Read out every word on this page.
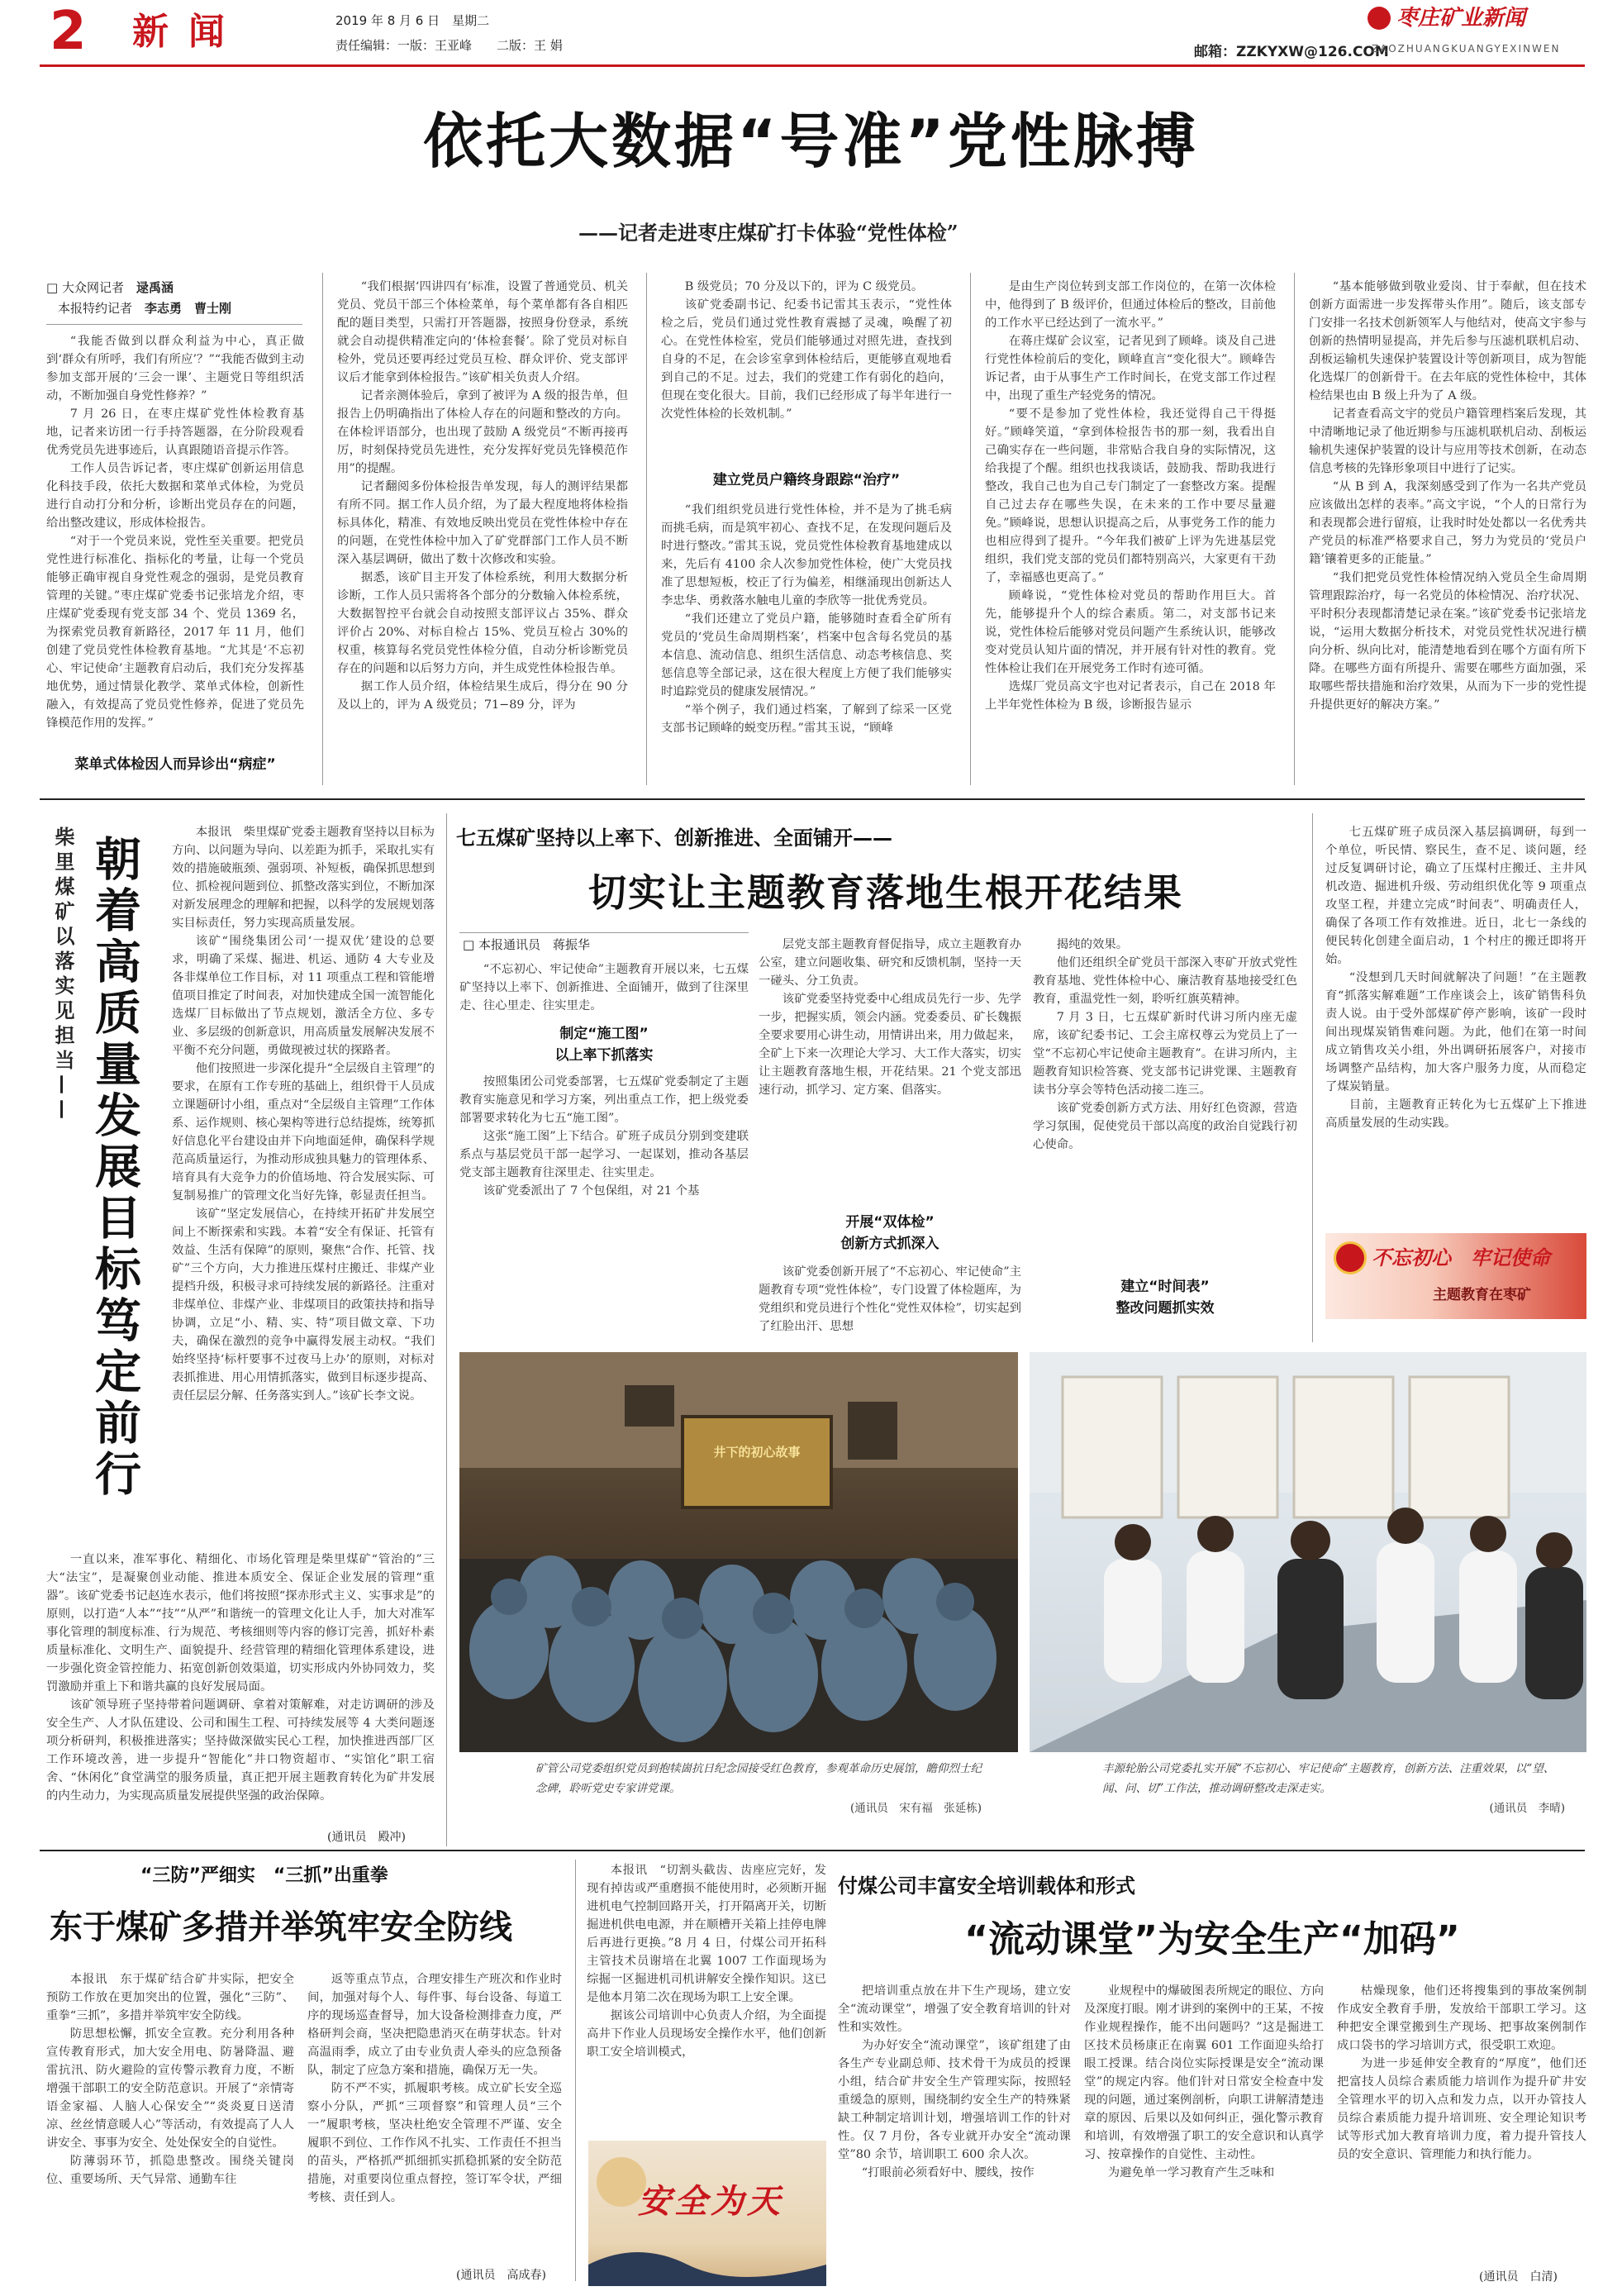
2 新闻	2019 年 8 月 6 日　星期二
责任编辑：一版：王亚峰　　二版：王 娟	邮箱：ZZKYXW@126.COM
枣庄矿业新闻
ZAOZHUANGKUANGYEXINWEN
依托大数据“号准”党性脉搏
——记者走进枣庄煤矿打卡体验“党性体检”
□ 大众网记者　 逯禹涵
本报特约记者　 李志勇　曹士刚

“我能否做到以群众利益为中心，真正做到‘群众有所呼，我们有所应’？”“我能否做到主动参加支部开展的‘三会一课’、主题党日等组织活动，不断加强自身党性修养？”

7 月 26 日，在枣庄煤矿党性体检教育基地，记者来访团一行手持答题器，在分阶段观看优秀党员先进事迹后，认真跟随语音提示作答。

工作人员告诉记者，枣庄煤矿创新运用信息化科技手段，依托大数据和菜单式体检，为党员进行自动打分和分析，诊断出党员存在的问题，给出整改建议，形成体检报告。

“对于一个党员来说，党性至关重要。把党员党性进行标准化、指标化的考量，让每一个党员能够正确审视自身党性观念的强弱，是党员教育管理的关键。”枣庄煤矿党委书记张培龙介绍，枣庄煤矿党委现有党支部 34 个、党员 1369 名，为探索党员教育新路径，2017 年 11 月，他们创建了党员党性体检教育基地。“尤其是‘不忘初心、牢记使命’主题教育启动后，我们充分发挥基地优势，通过情景化教学、菜单式体检，创新性融入，有效提高了党员党性修养，促进了党员先锋模范作用的发挥。”

菜单式体检因人而异诊出“病症”

“我们根据‘四讲四有’标准，设置了普通党员、机关党员、党员干部三个体检菜单，每个菜单都有各自相匹配的题目类型，只需打开答题器，按照身份登录，系统就会自动提供精准定向的‘体检套餐’。除了党员对标自检外，党员还要再经过党员互检、群众评价、党支部评议后才能拿到体检报告。”该矿相关负责人介绍。

记者亲测体验后，拿到了被评为 A 级的报告单，但报告上仍明确指出了体检人存在的问题和整改的方向。在体检评语部分，也出现了鼓励 A 级党员“不断再接再厉，时刻保持党员先进性，充分发挥好党员先锋模范作用”的提醒。

记者翻阅多份体检报告单发现，每人的测评结果都有所不同。据工作人员介绍，为了最大程度地将体检指标具体化，精准、有效地反映出党员在党性体检中存在的问题，在党性体检中加入了矿党群部门工作人员不断深入基层调研，做出了数十次修改和实验。

据悉，该矿目主开发了体检系统，利用大数据分析诊断，工作人员只需将各个部分的分数输入体检系统，大数据智控平台就会自动按照支部评议占 35%、群众评价占 20%、对标自检占 15%、党员互检占 30%的权重，核算每名党员党性体检分值，自动分析诊断党员存在的问题和以后努力方向，并生成党性体检报告单。

据工作人员介绍，体检结果生成后，得分在 90 分及以上的，评为 A 级党员；71−89 分，评为

B 级党员；70 分及以下的，评为 C 级党员。

该矿党委副书记、纪委书记雷其玉表示，“党性体检之后，党员们通过党性教育震撼了灵魂，唤醒了初心。在党性体检室，党员们能够通过对照先进，查找到自身的不足，在会诊室拿到体检结后，更能够直观地看到自己的不足。过去，我们的党建工作有弱化的趋向，但现在变化很大。目前，我们已经形成了每半年进行一次党性体检的长效机制。”

建立党员户籍终身跟踪“治疗”

“我们组织党员进行党性体检，并不是为了挑毛病而挑毛病，而是筑牢初心、查找不足，在发现问题后及时进行整改。”雷其玉说，党员党性体检教育基地建成以来，先后有 4100 余人次参加党性体检，使广大党员找准了思想短板，校正了行为偏差，相继涌现出创新达人李忠华、勇救落水触电儿童的李欣等一批优秀党员。

“我们还建立了党员户籍，能够随时查看全矿所有党员的‘党员生命周期档案’，档案中包含每名党员的基本信息、流动信息、组织生活信息、动态考核信息、奖惩信息等全部记录，这在很大程度上方便了我们能够实时追踪党员的健康发展情况。”

“举个例子，我们通过档案，了解到了综采一区党支部书记顾峰的蜕变历程。”雷其玉说，“顾峰

是由生产岗位转到支部工作岗位的，在第一次体检中，他得到了 B 级评价，但通过体检后的整改，目前他的工作水平已经达到了一流水平。”

在蒋庄煤矿会议室，记者见到了顾峰。谈及自己进行党性体检前后的变化，顾峰直言“变化很大”。顾峰告诉记者，由于从事生产工作时间长，在党支部工作过程中，出现了重生产轻党务的情况。

“要不是参加了党性体检，我还觉得自己干得挺好。”顾峰笑道，“拿到体检报告书的那一刻，我看出自己确实存在一些问题，非常贴合我自身的实际情况，这给我提了个醒。组织也找我谈话，鼓励我、帮助我进行整改，我自己也为自己专门制定了一套整改方案。提醒自己过去存在哪些失误，在未来的工作中要尽量避免。”顾峰说，思想认识提高之后，从事党务工作的能力也相应得到了提升。“今年我们被矿上评为先进基层党组织，我们党支部的党员们都特别高兴，大家更有干劲了，幸福感也更高了。”

顾峰说，“党性体检对党员的帮助作用巨大。首先，能够提升个人的综合素质。第二，对支部书记来说，党性体检后能够对党员问题产生系统认识，能够改变对党员认知片面的情况，并开展有针对性的教育。党性体检让我们在开展党务工作时有迹可循。

选煤厂党员高文宇也对记者表示，自己在 2018 年上半年党性体检为 B 级，诊断报告显示

“基本能够做到敬业爱岗、甘于奉献，但在技术创新方面需进一步发挥带头作用”。随后，该支部专门安排一名技术创新领军人与他结对，使高文宇参与创新的热情明显提高，并先后参与压滤机联机启动、刮板运输机失速保护装置设计等创新项目，成为智能化选煤厂的创新骨干。在去年底的党性体检中，其体检结果也由 B 级上升为了 A 级。

记者查看高文宇的党员户籍管理档案后发现，其中清晰地记录了他近期参与压滤机联机启动、刮板运输机失速保护装置的设计与应用等技术创新，在动态信息考核的先锋形象项目中进行了记实。

“从 B 到 A，我深刻感受到了作为一名共产党员应该做出怎样的表率。”高文宇说，“个人的日常行为和表现都会进行留痕，让我时时处处都以一名优秀共产党员的标准严格要求自己，努力为党员的‘党员户籍’镶着更多的正能量。”

“我们把党员党性体检情况纳入党员全生命周期管理跟踪治疗，每一名党员的体检情况、治疗状况、平时积分表现都清楚记录在案。”该矿党委书记张培龙说，“运用大数据分析技术，对党员党性状况进行横向分析、纵向比对，能清楚地看到在哪个方面有所下降。在哪些方面有所提升、需要在哪些方面加强，采取哪些帮扶措施和治疗效果，从而为下一步的党性提升提供更好的解决方案。”

柴里煤矿以落实见担当—— 朝着高质量发展目标笃定前行

本报讯　柴里煤矿党委主题教育坚持以目标为方向、以问题为导向、以差距为抓手，采取扎实有效的措施破瓶颈、强弱项、补短板，确保抓思想到位、抓检视问题到位、抓整改落实到位，不断加深对新发展理念的理解和把握，以科学的发展规划落实目标责任，努力实现高质量发展。

该矿“围绕集团公司‘一提双优’建设的总要求，明确了采煤、掘进、机运、通防 4 大专业及各非煤单位工作目标，对 11 项重点工程和管能增值项目推定了时间表，对加快建成全国一流智能化选煤厂目标做出了节点规划，激活全方位、多专业、多层级的创新意识，用高质量发展解决发展不平衡不充分问题，勇做现被过状的探路者。

他们按照进一步深化提升“全层级自主管理”的要求，在原有工作专班的基础上，组织骨干人员成立课题研讨小组，重点对“全层级自主管理”工作体系、运作规则、核心架构等进行总结提炼，统筹抓好信息化平台建设由并下向地面延伸，确保科学规范高质量运行，为推动形成独具魅力的管理体系、培育具有大竞争力的价值场地、符合发展实际、可复制易推广的管理文化当好先锋，彰显责任担当。

该矿“坚定发展信心，在持续开拓矿井发展空间上不断探索和实践。本着“安全有保证、托管有效益、生活有保障”的原则，聚焦“合作、托管、找矿”三个方向，大力推进压煤村庄搬迁、非煤产业提档升级，积极寻求可持续发展的新路径。注重对非煤单位、非煤产业、非煤项目的政策扶持和指导协调，立足“小、精、实、特”项目做文章、下功夫，确保在激烈的竞争中赢得发展主动权。“我们始终坚持‘标杆要事不过夜马上办’的原则，对标对表抓推进、用心用情抓落实，做到目标逐步提高、责任层层分解、任务落实到人。”该矿长李文说。

一直以来，准军事化、精细化、市场化管理是柴里煤矿“管治的”三大“法宝”，是凝聚创业动能、推进本质安全、保证企业发展的管理“重器”。该矿党委书记赵连水表示，他们将按照“探赤形式主义、实事求是”的原则，以打造“人本”“技”“从严”和谐统一的管理文化让人手，加大对准军事化管理的制度标准、行为规范、考核细则等内容的修订完善，抓好朴素质量标准化、文明生产、面貌提升、经营管理的精细化管理体系建设，进一步强化资金管控能力、拓宽创新创效渠道，切实形成内外协同效力，奖罚激励并重上下和谐共赢的良好发展局面。

该矿领导班子坚持带着问题调研、拿着对策解难，对走访调研的涉及安全生产、人才队伍建设、公司和围生工程、可持续发展等 4 大类问题逐项分析研判，积极推进落实；坚持做深做实民心工程，加快推进西部厂区工作环境改善，进一步提升“智能化”井口物资超市、“实馆化”职工宿舍、“休闲化”食堂满堂的服务质量，真正把开展主题教育转化为矿井发展的内生动力，为实现高质量发展提供坚强的政治保障。

(通讯员　殿冲)
七五煤矿坚持以上率下、创新推进、全面铺开——
切实让主题教育落地生根开花结果
□ 本报通讯员　蒋振华

“不忘初心、牢记使命”主题教育开展以来，七五煤矿坚持以上率下、创新推进、全面铺开，做到了往深里走、往心里走、往实里走。

制定“施工图”
以上率下抓落实

按照集团公司党委部署，七五煤矿党委制定了主题教育实施意见和学习方案，列出重点工作，把上级党委部署要求转化为七五“施工图”。

这张“施工图”上下结合。矿班子成员分别到变建联系点与基层党员干部一起学习、一起谋划，推动各基层党支部主题教育往深里走、往实里走。

该矿党委派出了 7 个包保组，对 21 个基

层党支部主题教育督促指导，成立主题教育办公室，建立问题收集、研究和反馈机制，坚持一天一碰头、分工负责。

该矿党委坚持党委中心组成员先行一步、先学一步，把握实质，领会内涵。党委委员、矿长魏振全要求要用心讲生动，用情讲出来，用力做起来，全矿上下来一次理论大学习、大工作大落实，切实让主题教育落地生根，开花结果。21 个党支部迅速行动，抓学习、定方案、倡落实。

开展“双体检”
创新方式抓深入

该矿党委创新开展了“不忘初心、牢记使命”主题教育专项“党性体检”，专门设置了体检题库，为党组织和党员进行个性化“党性双体检”，切实起到了红脸出汗、思想

揭纯的效果。

他们还组织全矿党员干部深入枣矿开放式党性教育基地、党性体检中心、廉洁教育基地接受红色教育，重温党性一刻，聆听红旗英精神。

7 月 3 日，七五煤矿新时代讲习所内座无虚席，该矿纪委书记、工会主席权尊云为党员上了一堂“不忘初心牢记使命主题教育”。在讲习所内，主题教育知识检答赛、党支部书记讲党课、主题教育读书分享会等特色活动接二连三。

该矿党委创新方式方法、用好红色资源，营造学习氛围，促使党员干部以高度的政治自觉践行初心使命。

建立“时间表”
整改问题抓实效

七五煤矿班子成员深入基层搞调研，每到一个单位，听民情、察民生，查不足、谈问题，经过反复调研讨论，确立了压煤村庄搬迁、主井风机改造、掘进机升级、劳动组织优化等 9 项重点攻坚工程，并建立完成“时间表”、明确责任人，确保了各项工作有效推进。近日，北七一条线的便民转化创建全面启动，1 个村庄的搬迁即将开始。

“没想到几天时间就解决了问题！”在主题教育“抓落实解难题”工作座谈会上，该矿销售科负责人说。由于受外部煤矿停产影响，该矿一段时间出现煤炭销售难问题。为此，他们在第一时间成立销售攻关小组，外出调研拓展客户，对接市场调整产品结构，加大客户服务力度，从而稳定了煤炭销量。

目前，主题教育正转化为七五煤矿上下推进高质量发展的生动实践。

不忘初心　牢记使命
主题教育在枣矿
井下的初心故事
矿管公司党委组织党员到抱犊崮抗日纪念园接受红色教育，参观革命历史展馆，瞻仰烈士纪念碑，聆听党史专家讲党课。
(通讯员　宋有福　张延栋)
丰源轮胎公司党委扎实开展“不忘初心、牢记使命”主题教育，创新方法、注重效果，以“望、闻、问、切”工作法，推动调研整改走深走实。
(通讯员　李晴)
“三防”严细实　“三抓”出重拳
东于煤矿多措并举筑牢安全防线

本报讯　东于煤矿结合矿井实际，把安全预防工作放在更加突出的位置，强化“三防”、重拳“三抓”，多措并举筑牢安全防线。

防思想松懈，抓安全宣教。充分利用各种宣传教育形式，加大安全用电、防暑降温、避雷抗汛、防火避险的宣传警示教育力度，不断增强干部职工的安全防范意识。开展了“亲情寄语金家福、人脑人心保安全”“炎炎夏日送清凉、丝丝情意暖人心”等活动，有效提高了人人讲安全、事事为安全、处处保安全的自觉性。

防薄弱环节，抓隐患整改。围绕关键岗位、重要场所、天气异常、通勤车往

返等重点节点，合理安排生产班次和作业时间，加强对每个人、每件事、每台设备、每道工序的现场巡查督导，加大设备检测排查力度，严格研判会商，坚决把隐患消灭在萌芽状态。针对高温雨季，成立了由专业负责人牵头的应急预备队，制定了应急方案和措施，确保万无一失。

防不严不实，抓履职考核。成立矿长安全巡察小分队，严抓“三项督察”和管理人员“三个一”履职考核，坚决杜绝安全管理不严谨、安全履职不到位、工作作风不扎实、工作责任不担当的苗头，严格抓严抓细抓实抓稳抓紧的安全防范措施，对重要岗位重点督控，签订军令状，严细考核、责任到人。

(通讯员　高成春)

本报讯　“切割头截齿、齿座应完好，发现有掉齿或严重磨损不能使用时，必须断开掘进机电气控制回路开关，打开隔离开关，切断掘进机供电电源，并在顺槽开关箱上挂停电牌后再进行更换。”8 月 4 日，付煤公司开拓科主管技术员谢培在北翼 1007 工作面现场为综掘一区掘进机司机讲解安全操作知识。这已是他本月第二次在现场为职工上安全课。

据该公司培训中心负责人介绍，为全面提高井下作业人员现场安全操作水平，他们创新职工安全培训模式，

安全为天
付煤公司丰富安全培训载体和形式
“流动课堂”为安全生产“加码”

把培训重点放在井下生产现场，建立安全“流动课堂”，增强了安全教育培训的针对性和实效性。

为办好安全“流动课堂”，该矿组建了由各生产专业副总师、技术骨干为成员的授课小组，结合矿井安全生产管理实际，按照轻重缓急的原则，围绕制约安全生产的特殊紧缺工种制定培训计划，增强培训工作的针对性。仅 7 月份，各专业就开办安全“流动课堂”80 余节，培训职工 600 余人次。

“打眼前必须看好中、腰线，按作

业规程中的爆破图表所规定的眼位、方向及深度打眼。刚才讲到的案例中的王某，不按作业规程操作，能不出问题吗？”这是掘进工区技术员杨康正在南翼 601 工作面迎头给打眼工授课。结合岗位实际授课是安全“流动课堂”的规定内容。他们针对日常安全检查中发现的问题，通过案例剖析，向职工讲解清楚违章的原因、后果以及如何纠正，强化警示教育和培训，有效增强了职工的安全意识和认真学习、按章操作的自觉性、主动性。

为避免单一学习教育产生乏味和

枯燥现象，他们还将搜集到的事故案例制作成安全教育手册，发放给干部职工学习。这种把安全课堂搬到生产现场、把事故案例制作成口袋书的学习培训方式，很受职工欢迎。

为进一步延伸安全教育的“厚度”，他们还把富技人员综合素质能力培训作为提升矿井安全管理水平的切入点和发力点，以开办管技人员综合素质能力提升培训班、安全理论知识考试等形式加大教育培训力度，着力提升管技人员的安全意识、管理能力和执行能力。

(通讯员　白清)
